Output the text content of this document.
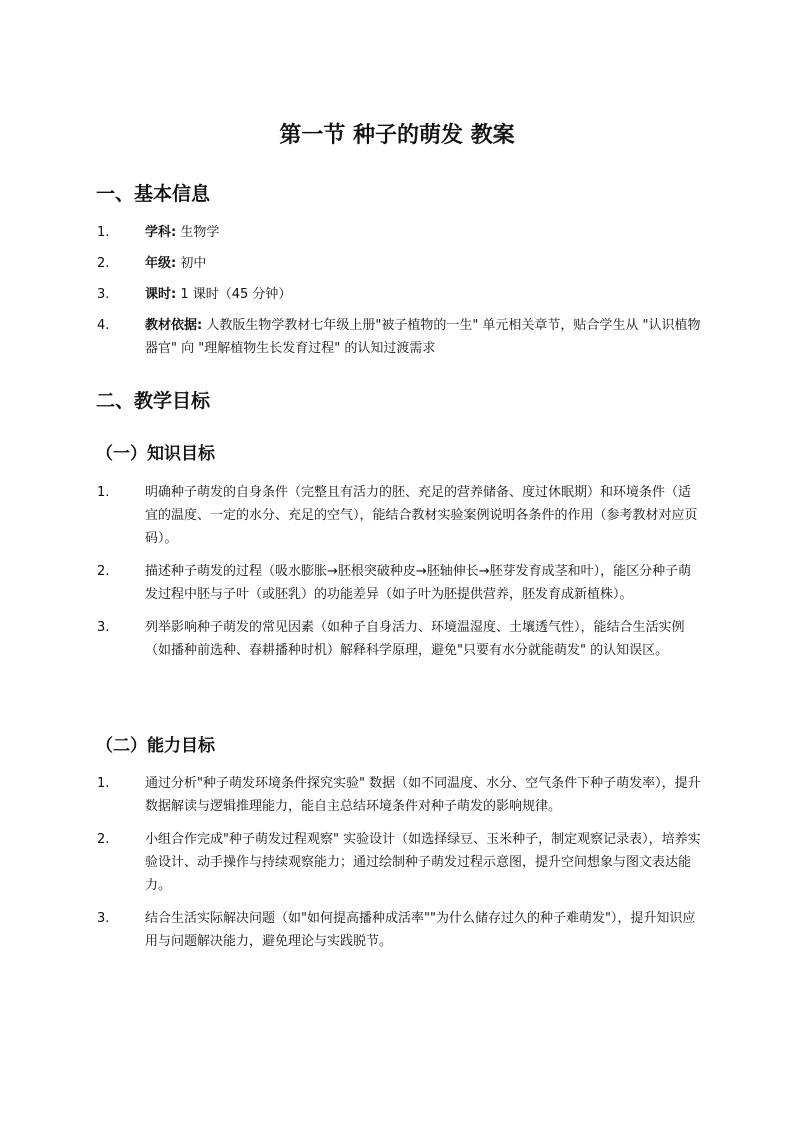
第一节 种子的萌发 教案
一、基本信息
1.	学科: 生物学
2.	年级: 初中
3.	课时: 1 课时（45 分钟）
4.	教材依据: 人教版生物学教材七年级上册"被子植物的一生" 单元相关章节，贴合学生从 "认识植物器官" 向 "理解植物生长发育过程" 的认知过渡需求
二、教学目标
（一）知识目标
1.	明确种子萌发的自身条件（完整且有活力的胚、充足的营养储备、度过休眠期）和环境条件（适宜的温度、一定的水分、充足的空气），能结合教材实验案例说明各条件的作用（参考教材对应页码）。
2.	描述种子萌发的过程（吸水膨胀→胚根突破种皮→胚轴伸长→胚芽发育成茎和叶），能区分种子萌发过程中胚与子叶（或胚乳）的功能差异（如子叶为胚提供营养，胚发育成新植株）。
3.	列举影响种子萌发的常见因素（如种子自身活力、环境温湿度、土壤透气性），能结合生活实例（如播种前选种、春耕播种时机）解释科学原理，避免"只要有水分就能萌发" 的认知误区。
（二）能力目标
1.	通过分析"种子萌发环境条件探究实验" 数据（如不同温度、水分、空气条件下种子萌发率），提升数据解读与逻辑推理能力，能自主总结环境条件对种子萌发的影响规律。
2.	小组合作完成"种子萌发过程观察" 实验设计（如选择绿豆、玉米种子，制定观察记录表），培养实验设计、动手操作与持续观察能力；通过绘制种子萌发过程示意图，提升空间想象与图文表达能力。
3.	结合生活实际解决问题（如"如何提高播种成活率""为什么储存过久的种子难萌发"），提升知识应用与问题解决能力，避免理论与实践脱节。
